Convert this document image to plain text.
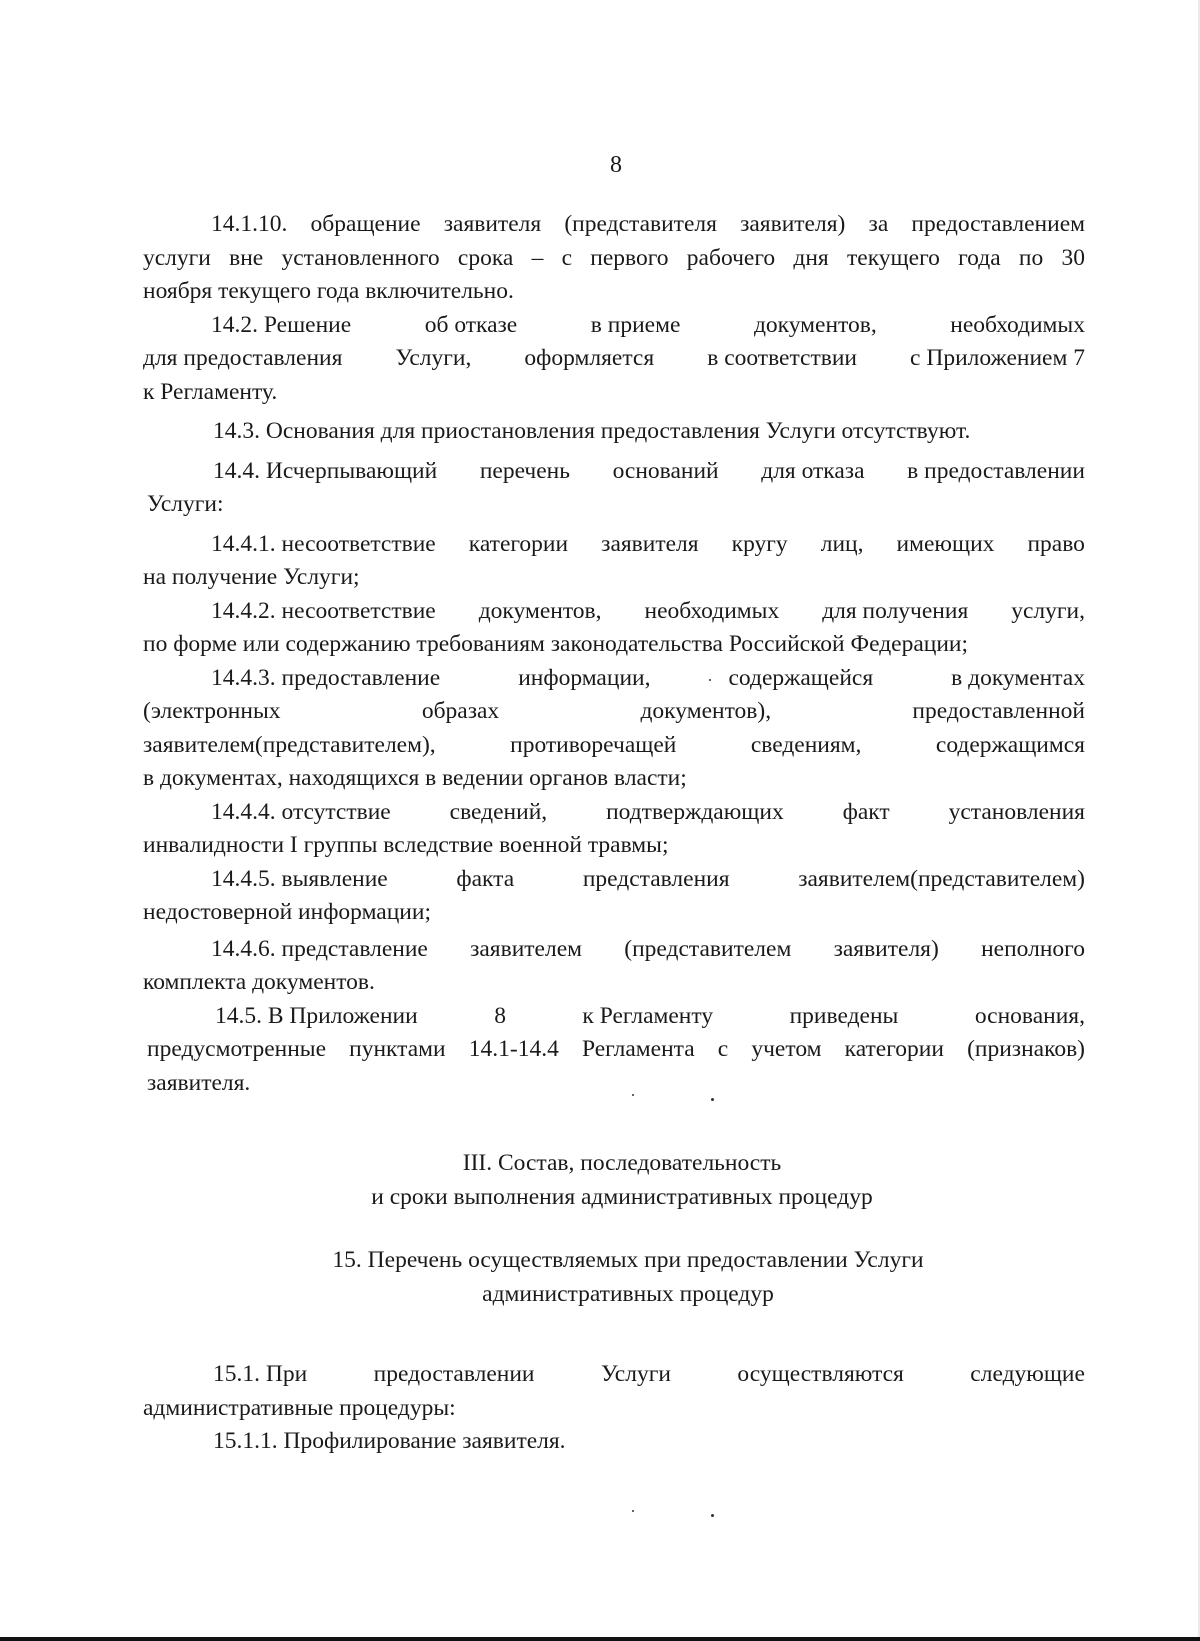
8
14.1.10. обращение заявителя (представителя заявителя) за предоставлением
услуги вне установленного срока – с первого рабочего дня текущего года по 30
ноября текущего года включительно.
14.2. Решение	об отказе	в приеме	документов,	необходимых
для предоставления Услуги, оформляется в соответствии с Приложением 7
к Регламенту.
14.3. Основания для приостановления предоставления Услуги отсутствуют.
14.4. Исчерпывающий перечень оснований для отказа в предоставлении
Услуги:
14.4.1. несоответствие категории заявителя кругу лиц, имеющих право
на получение Услуги;
14.4.2. несоответствие документов, необходимых для получения услуги,
по форме или содержанию требованиям законодательства Российской Федерации;
14.4.3. предоставление	информации,	содержащейся	в документах
(электронных	образах	документов),	предоставленной
заявителем(представителем),	противоречащей	сведениям,	содержащимся
в документах, находящихся в ведении органов власти;
14.4.4. отсутствие	сведений,	подтверждающих	факт	установления
инвалидности I группы вследствие военной травмы;
14.4.5. выявление	факта	представления	заявителем(представителем)
недостоверной информации;
14.4.6. представление заявителем (представителем заявителя) неполного
комплекта документов.
14.5. В Приложении	8	к Регламенту	приведены	основания,
предусмотренные пунктами 14.1-14.4 Регламента с учетом категории (признаков)
заявителя.

III. Состав, последовательность

и сроки выполнения административных процедур

15. Перечень осуществляемых при предоставлении Услуги

административных процедур

15.1. При	предоставлении	Услуги	осуществляются	следующие
административные процедуры:
15.1.1. Профилирование заявителя.
